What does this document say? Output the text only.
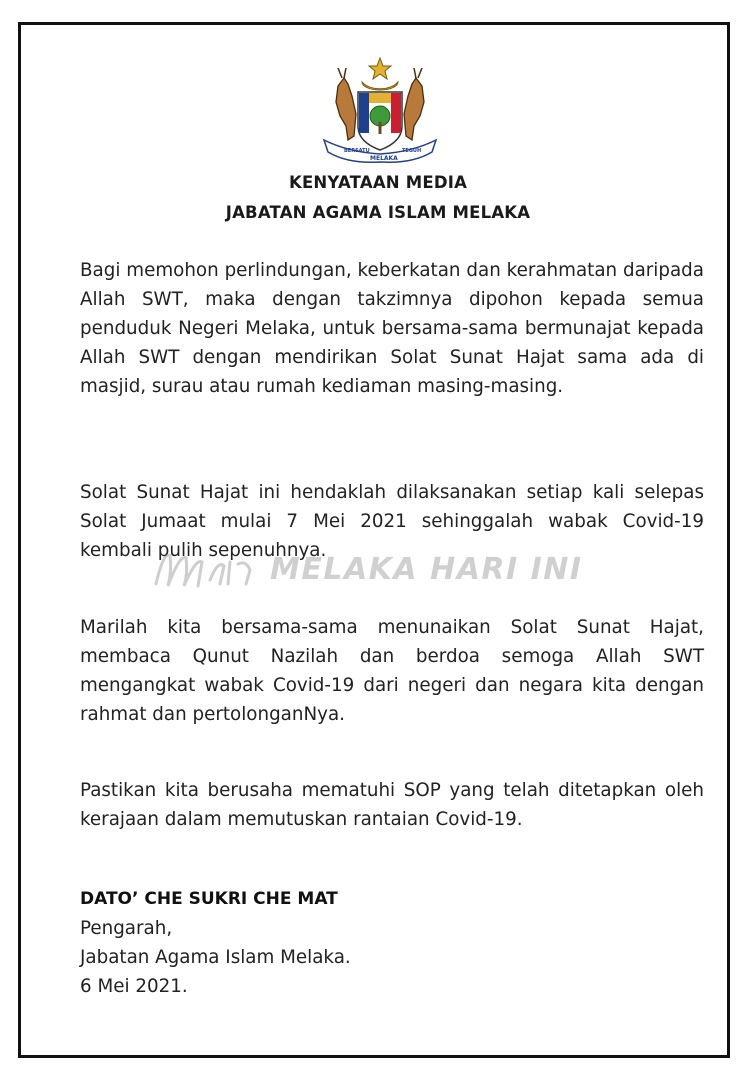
BERSATU
MELAKA
TEGUH
KENYATAAN MEDIA
JABATAN AGAMA ISLAM MELAKA
Bagi memohon perlindungan, keberkatan dan kerahmatan daripada Allah SWT, maka dengan takzimnya dipohon kepada semua penduduk Negeri Melaka, untuk bersama-sama bermunajat kepada Allah SWT dengan mendirikan Solat Sunat Hajat sama ada di masjid, surau atau rumah kediaman masing-masing.
Solat Sunat Hajat ini hendaklah dilaksanakan setiap kali selepas Solat Jumaat mulai 7 Mei 2021 sehinggalah wabak Covid-19 kembali pulih sepenuhnya.
Marilah kita bersama-sama menunaikan Solat Sunat Hajat, membaca Qunut Nazilah dan berdoa semoga Allah SWT mengangkat wabak Covid-19 dari negeri dan negara kita dengan rahmat dan pertolonganNya.
Pastikan kita berusaha mematuhi SOP yang telah ditetapkan oleh kerajaan dalam memutuskan rantaian Covid-19.
DATO’ CHE SUKRI CHE MAT
Pengarah,
Jabatan Agama Islam Melaka.
6 Mei 2021.
MELAKA HARI INI
